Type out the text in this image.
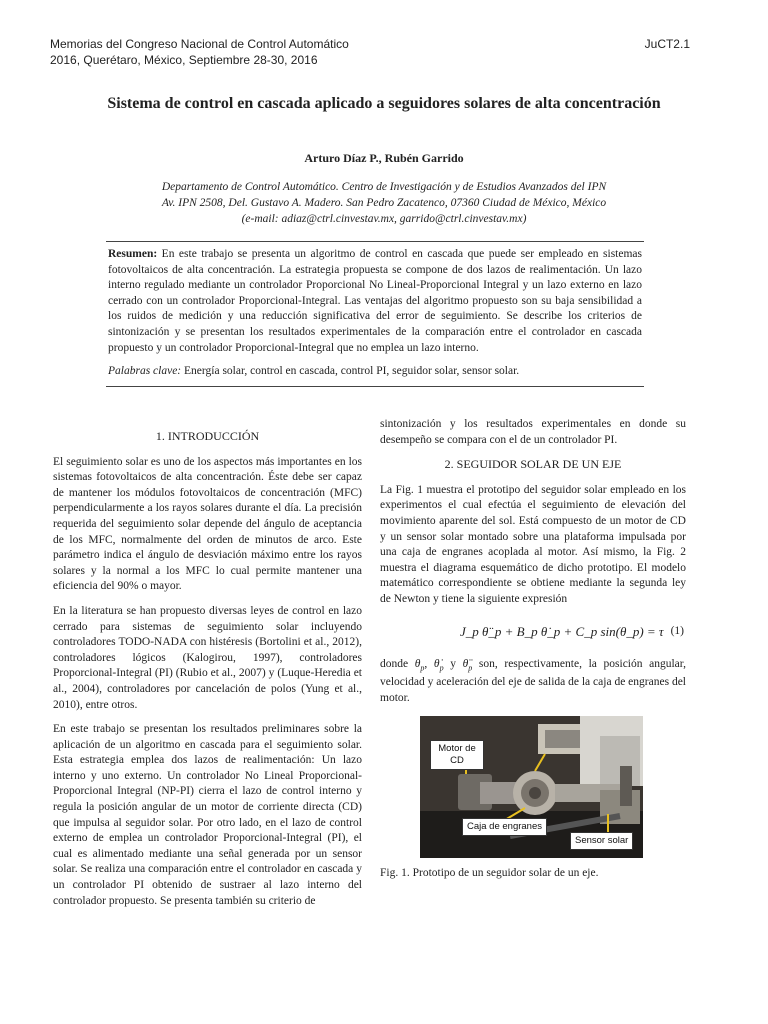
Memorias del Congreso Nacional de Control Automático
2016, Querétaro, México, Septiembre 28-30, 2016
JuCT2.1
Sistema de control en cascada aplicado a seguidores solares de alta concentración
Arturo Díaz P., Rubén Garrido
Departamento de Control Automático. Centro de Investigación y de Estudios Avanzados del IPN
Av. IPN 2508, Del. Gustavo A. Madero. San Pedro Zacatenco, 07360 Ciudad de México, México
(e-mail: adiaz@ctrl.cinvestav.mx, garrido@ctrl.cinvestav.mx)

Resumen: En este trabajo se presenta un algoritmo de control en cascada que puede ser empleado en sistemas fotovoltaicos de alta concentración. La estrategia propuesta se compone de dos lazos de realimentación. Un lazo interno regulado mediante un controlador Proporcional No Lineal-Proporcional Integral y un lazo externo en lazo cerrado con un controlador Proporcional-Integral. Las ventajas del algoritmo propuesto son su baja sensibilidad a los ruidos de medición y una reducción significativa del error de seguimiento. Se describe los criterios de sintonización y se presentan los resultados experimentales de la comparación entre el controlador en cascada propuesto y un controlador Proporcional-Integral que no emplea un lazo interno.

Palabras clave: Energía solar, control en cascada, control PI, seguidor solar, sensor solar.

1. INTRODUCCIÓN

El seguimiento solar es uno de los aspectos más importantes en los sistemas fotovoltaicos de alta concentración. Éste debe ser capaz de mantener los módulos fotovoltaicos de concentración (MFC) perpendicularmente a los rayos solares durante el día. La precisión requerida del seguimiento solar depende del ángulo de aceptancia de los MFC, normalmente del orden de minutos de arco. Este parámetro indica el ángulo de desviación máximo entre los rayos solares y la normal a los MFC lo cual permite mantener una eficiencia del 90% o mayor.

En la literatura se han propuesto diversas leyes de control en lazo cerrado para sistemas de seguimiento solar incluyendo controladores TODO-NADA con histéresis (Bortolini et al., 2012), controladores lógicos (Kalogirou, 1997), controladores Proporcional-Integral (PI) (Rubio et al., 2007) y (Luque-Heredia et al., 2004), controladores por cancelación de polos (Yung et al., 2010), entre otros.

En este trabajo se presentan los resultados preliminares sobre la aplicación de un algoritmo en cascada para el seguimiento solar. Esta estrategia emplea dos lazos de realimentación: Un lazo interno y uno externo. Un controlador No Lineal Proporcional-Proporcional Integral (NP-PI) cierra el lazo de control interno y regula la posición angular de un motor de corriente directa (CD) que impulsa al seguidor solar. Por otro lado, en el lazo de control externo de emplea un controlador Proporcional-Integral (PI), el cual es alimentado mediante una señal generada por un sensor solar. Se realiza una comparación entre el controlador en cascada y un controlador PI obtenido de sustraer al lazo interno del controlador propuesto. Se presenta también su criterio de

sintonización y los resultados experimentales en donde su desempeño se compara con el de un controlador PI.

2. SEGUIDOR SOLAR DE UN EJE

La Fig. 1 muestra el prototipo del seguidor solar empleado en los experimentos el cual efectúa el seguimiento de elevación del movimiento aparente del sol. Está compuesto de un motor de CD y un sensor solar montado sobre una plataforma impulsada por una caja de engranes acoplada al motor. Así mismo, la Fig. 2 muestra el diagrama esquemático de dicho prototipo. El modelo matemático correspondiente se obtiene mediante la segunda ley de Newton y tiene la siguiente expresión

J_p θ̈_p + B_p θ̇_p + C_p sin(θ_p) = τ (1)

donde $\theta_p$, $\thetȧ_p$ y $\thetä_p$ son, respectivamente, la posición angular, velocidad y aceleración del eje de salida de la caja de engranes del motor.

Motor de CD
Caja de engranes
Sensor solar
Fig. 1. Prototipo de un seguidor solar de un eje.
